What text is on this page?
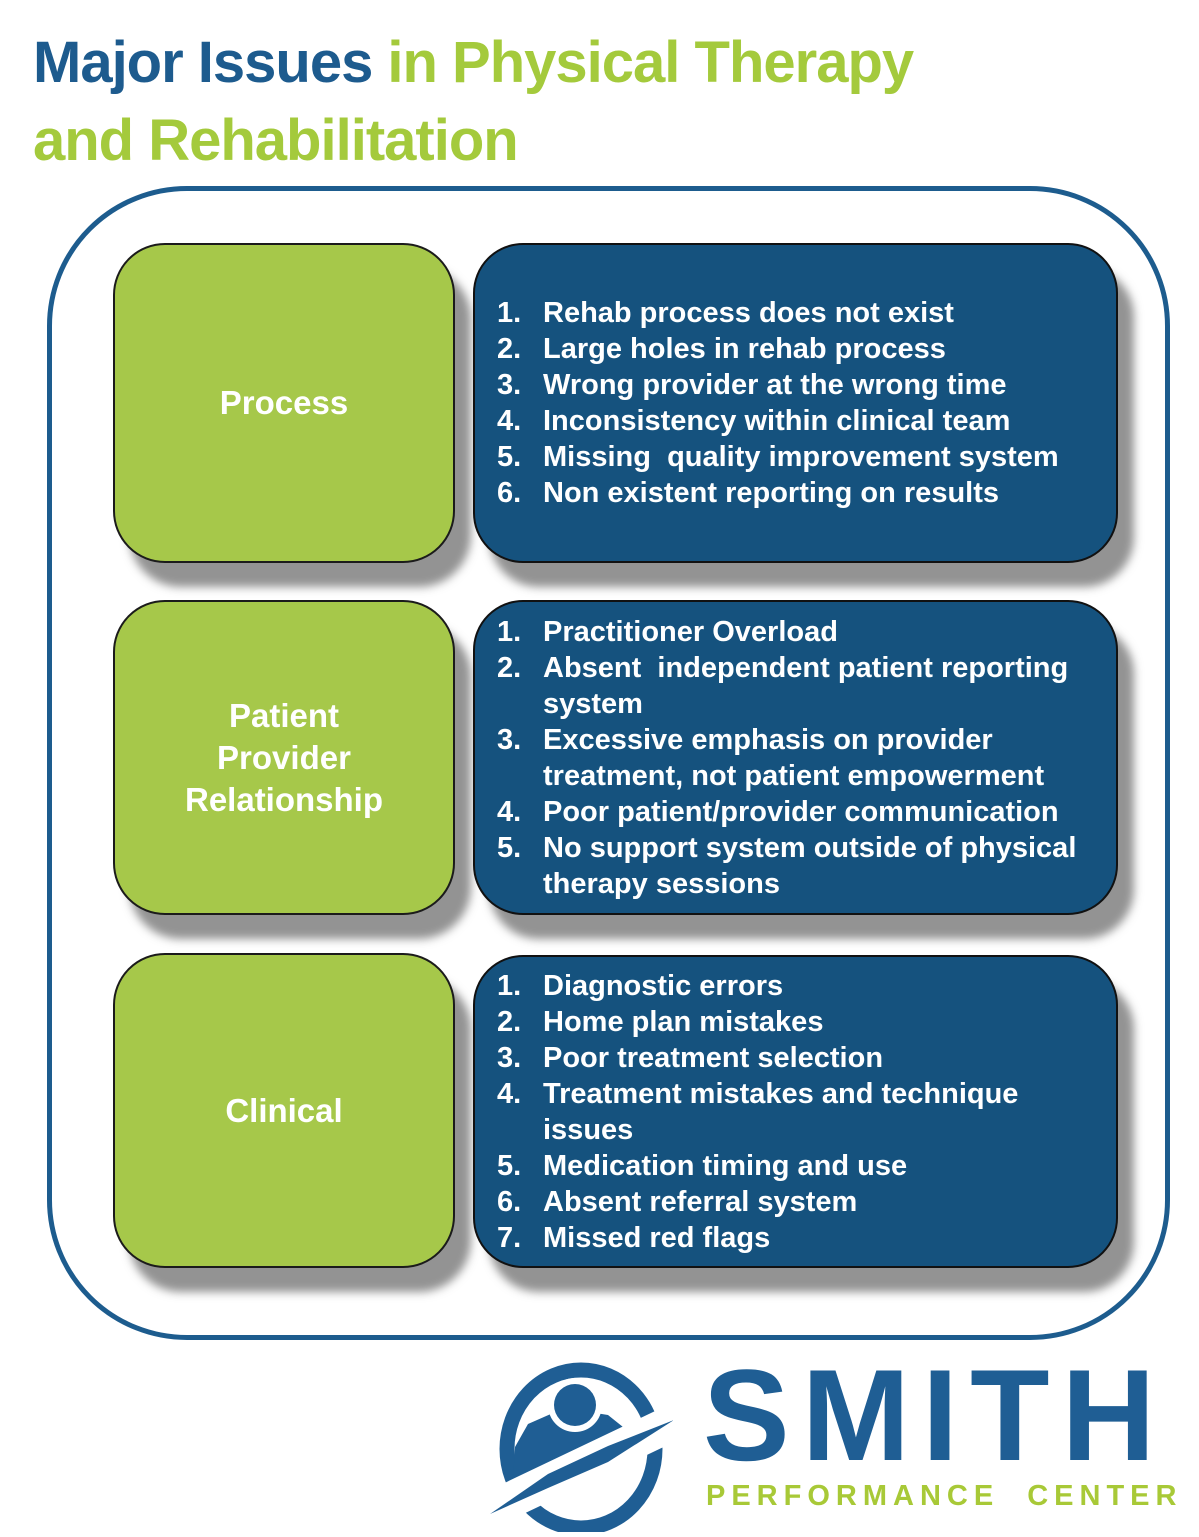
Major Issues in Physical Therapy
and Rehabilitation
Process
1. Rehab process does not exist
2. Large holes in rehab process
3. Wrong provider at the wrong time
4. Inconsistency within clinical team
5. Missing  quality improvement system
6. Non existent reporting on results
Patient
Provider
Relationship
1. Practitioner Overload
2. Absent  independent patient reporting system
3. Excessive emphasis on provider treatment, not patient empowerment
4. Poor patient/provider communication
5. No support system outside of physical therapy sessions
Clinical
1. Diagnostic errors
2. Home plan mistakes
3. Poor treatment selection
4. Treatment mistakes and technique issues
5. Medication timing and use
6. Absent referral system
7. Missed red flags
SMITH
PERFORMANCE CENTER
